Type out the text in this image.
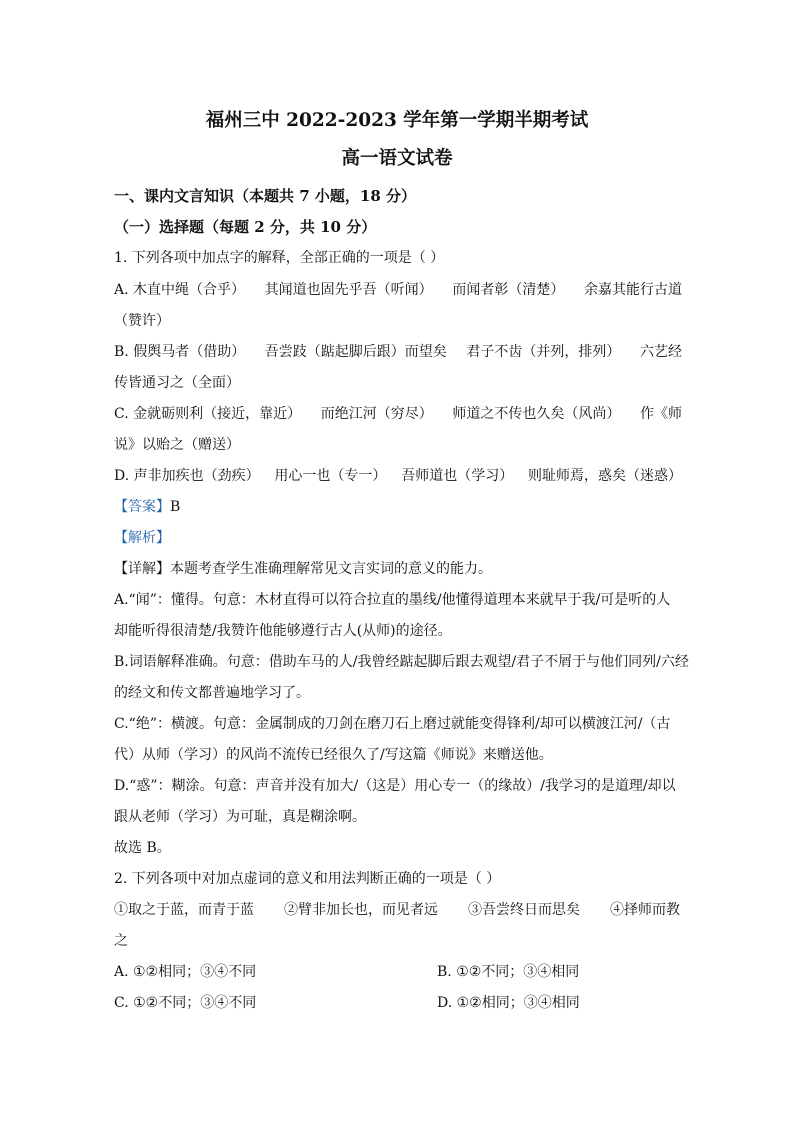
福州三中 2022-2023 学年第一学期半期考试
高一语文试卷
一、课内文言知识（本题共 7 小题，18 分）
（一）选择题（每题 2 分，共 10 分）
1. 下列各项中加点字的解释，全部正确的一项是（ ）
A. 木直中绳（合乎） 其闻道也固先乎吾（听闻） 而闻者彰（清楚） 余嘉其能行古道
（赞许）
B. 假舆马者（借助） 吾尝跂（踮起脚后跟）而望矣 君子不齿（并列，排列） 六艺经
传皆通习之（全面）
C. 金就砺则利（接近，靠近） 而绝江河（穷尽） 师道之不传也久矣（风尚） 作《师
说》以贻之（赠送）
D. 声非加疾也（劲疾） 用心一也（专一） 吾师道也（学习） 则耻师焉，惑矣（迷惑）
【答案】B
【解析】
【详解】本题考查学生准确理解常见文言实词的意义的能力。
A.“闻”：懂得。句意：木材直得可以符合拉直的墨线/他懂得道理本来就早于我/可是听的人
却能听得很清楚/我赞许他能够遵行古人(从师)的途径。
B.词语解释准确。句意：借助车马的人/我曾经踮起脚后跟去观望/君子不屑于与他们同列/六经
的经文和传文都普遍地学习了。
C.“绝”：横渡。句意：金属制成的刀剑在磨刀石上磨过就能变得锋利/却可以横渡江河/（古
代）从师（学习）的风尚不流传已经很久了/写这篇《师说》来赠送他。
D.“惑”：糊涂。句意：声音并没有加大/（这是）用心专一（的缘故）/我学习的是道理/却以
跟从老师（学习）为可耻，真是糊涂啊。
故选 B。
2. 下列各项中对加点虚词的意义和用法判断正确的一项是（ ）
①取之于蓝，而青于蓝 ②臂非加长也，而见者远 ③吾尝终日而思矣 ④择师而教
之
A. ①②相同；③④不同	B. ①②不同；③④相同
C. ①②不同；③④不同	D. ①②相同；③④相同
